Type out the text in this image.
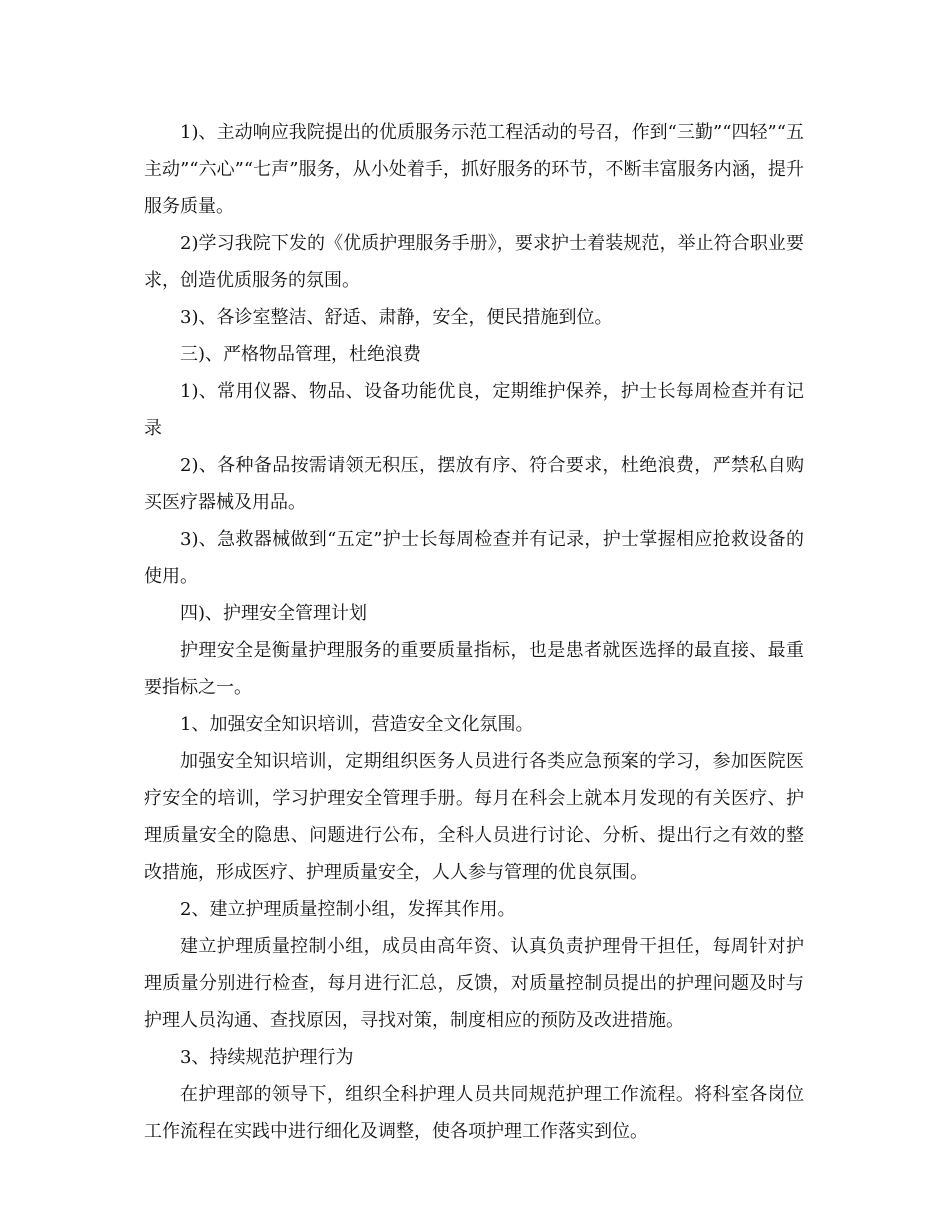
1)、主动响应我院提出的优质服务示范工程活动的号召，作到“三勤”“四轻”“五主动”“六心”“七声”服务，从小处着手，抓好服务的环节，不断丰富服务内涵，提升服务质量。

2)学习我院下发的《优质护理服务手册》，要求护士着装规范，举止符合职业要求，创造优质服务的氛围。

3)、各诊室整洁、舒适、肃静，安全，便民措施到位。

三)、严格物品管理，杜绝浪费

1)、常用仪器、物品、设备功能优良，定期维护保养，护士长每周检查并有记录

2)、各种备品按需请领无积压，摆放有序、符合要求，杜绝浪费，严禁私自购买医疗器械及用品。

3)、急救器械做到“五定”护士长每周检查并有记录，护士掌握相应抢救设备的使用。

四)、护理安全管理计划

护理安全是衡量护理服务的重要质量指标，也是患者就医选择的最直接、最重要指标之一。

1、加强安全知识培训，营造安全文化氛围。

加强安全知识培训，定期组织医务人员进行各类应急预案的学习，参加医院医疗安全的培训，学习护理安全管理手册。每月在科会上就本月发现的有关医疗、护理质量安全的隐患、问题进行公布，全科人员进行讨论、分析、提出行之有效的整改措施，形成医疗、护理质量安全，人人参与管理的优良氛围。

2、建立护理质量控制小组，发挥其作用。

建立护理质量控制小组，成员由高年资、认真负责护理骨干担任，每周针对护理质量分别进行检查，每月进行汇总，反馈，对质量控制员提出的护理问题及时与护理人员沟通、查找原因，寻找对策，制度相应的预防及改进措施。

3、持续规范护理行为

在护理部的领导下，组织全科护理人员共同规范护理工作流程。将科室各岗位工作流程在实践中进行细化及调整，使各项护理工作落实到位。
